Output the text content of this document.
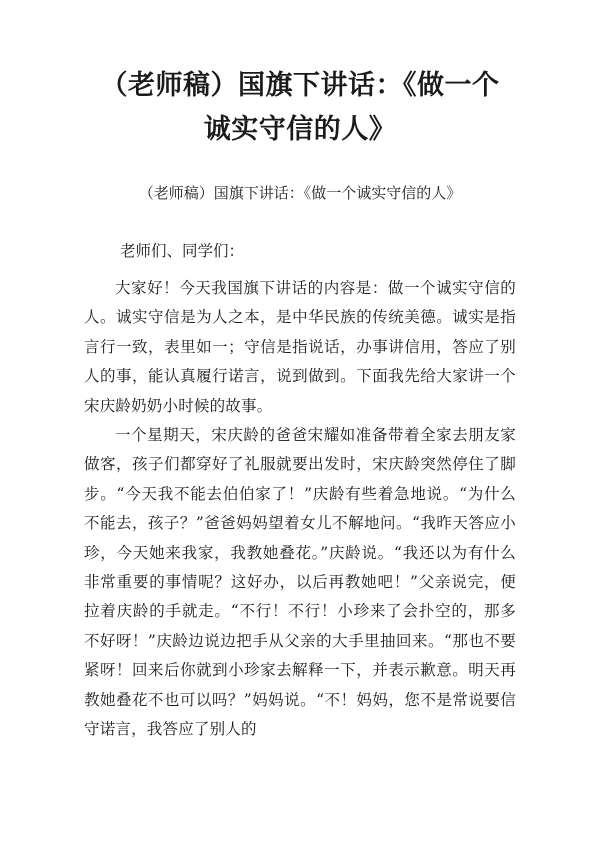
（老师稿）国旗下讲话：《做一个诚实守信的人》

（老师稿）国旗下讲话：《做一个诚实守信的人》

老师们、同学们：

大家好！今天我国旗下讲话的内容是：做一个诚实守信的人。诚实守信是为人之本，是中华民族的传统美德。诚实是指言行一致，表里如一；守信是指说话，办事讲信用，答应了别人的事，能认真履行诺言，说到做到。下面我先给大家讲一个宋庆龄奶奶小时候的故事。

一个星期天，宋庆龄的爸爸宋耀如准备带着全家去朋友家做客，孩子们都穿好了礼服就要出发时，宋庆龄突然停住了脚步。“今天我不能去伯伯家了！”庆龄有些着急地说。“为什么不能去，孩子？”爸爸妈妈望着女儿不解地问。“我昨天答应小珍，今天她来我家，我教她叠花。”庆龄说。“我还以为有什么非常重要的事情呢？这好办，以后再教她吧！”父亲说完，便拉着庆龄的手就走。“不行！不行！小珍来了会扑空的，那多不好呀！”庆龄边说边把手从父亲的大手里抽回来。“那也不要紧呀！回来后你就到小珍家去解释一下，并表示歉意。明天再教她叠花不也可以吗？”妈妈说。“不！妈妈，您不是常说要信守诺言，我答应了别人的
